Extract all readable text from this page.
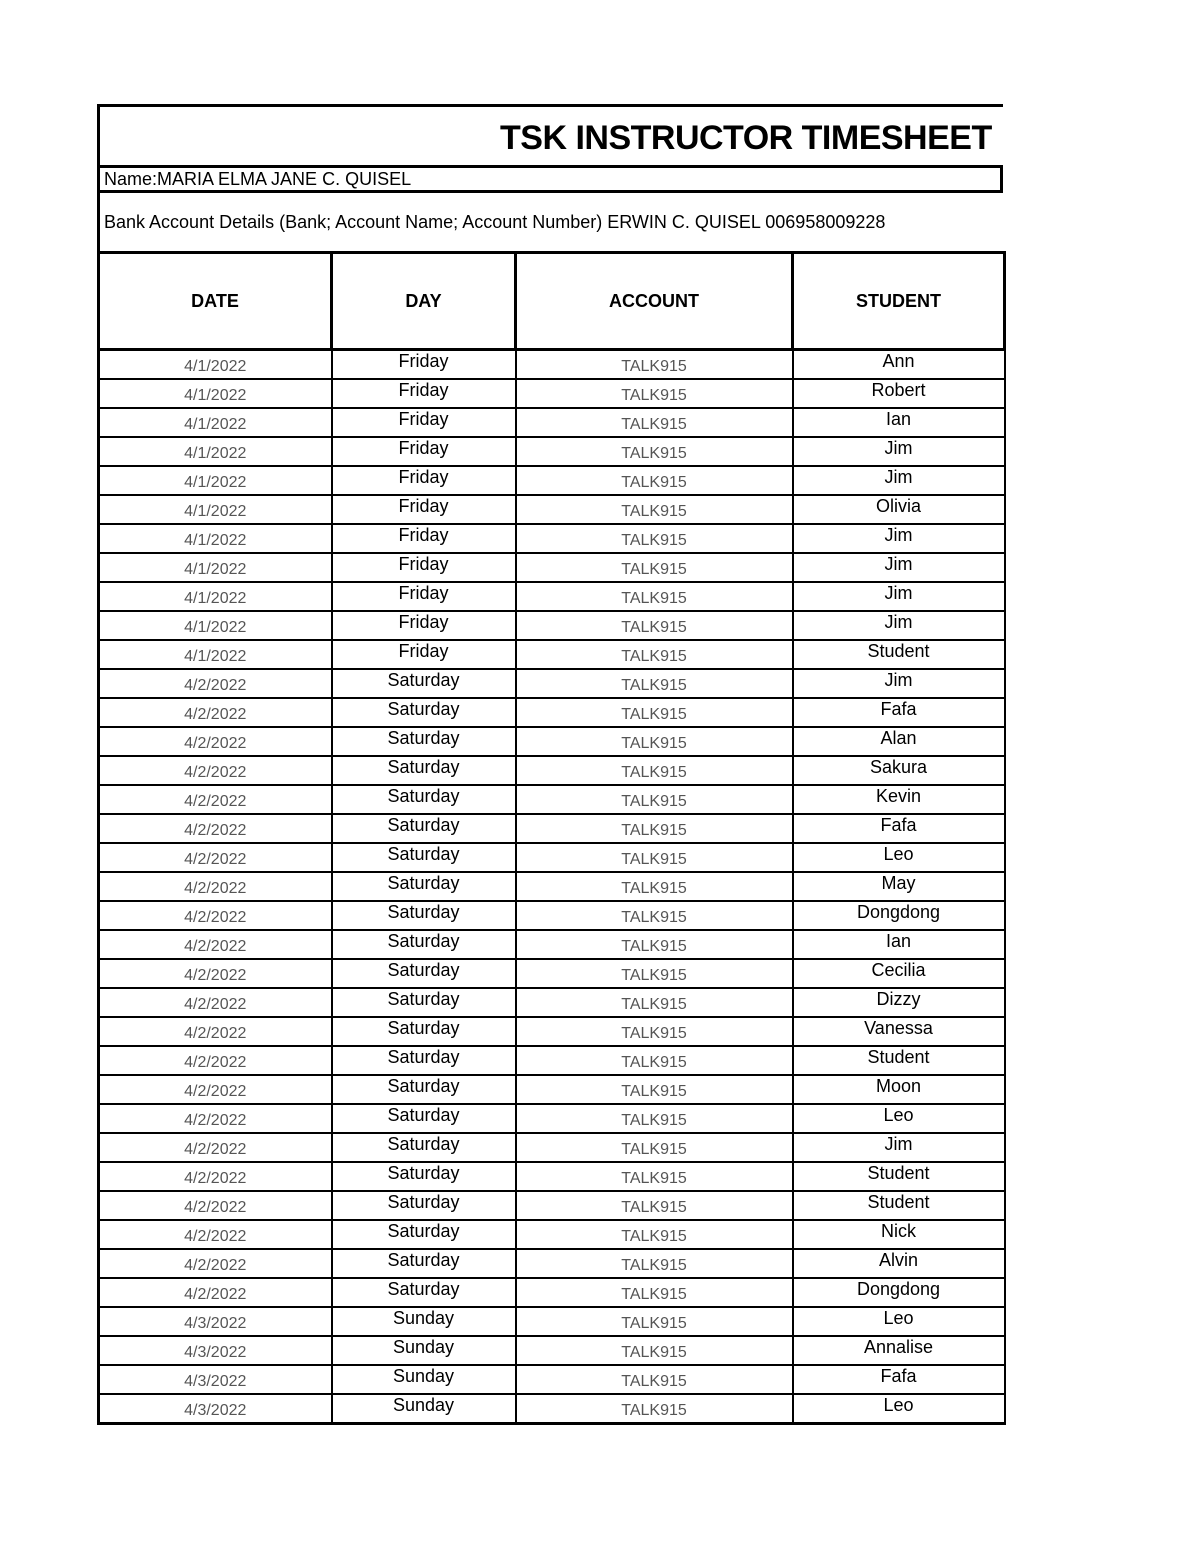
TSK INSTRUCTOR TIMESHEET
Name:MARIA ELMA JANE C. QUISEL
Bank Account Details (Bank; Account Name; Account Number) ERWIN C. QUISEL 006958009228
DATE	DAY	ACCOUNT	STUDENT
4/1/2022	Friday	TALK915	Ann
4/1/2022	Friday	TALK915	Robert
4/1/2022	Friday	TALK915	Ian
4/1/2022	Friday	TALK915	Jim
4/1/2022	Friday	TALK915	Jim
4/1/2022	Friday	TALK915	Olivia
4/1/2022	Friday	TALK915	Jim
4/1/2022	Friday	TALK915	Jim
4/1/2022	Friday	TALK915	Jim
4/1/2022	Friday	TALK915	Jim
4/1/2022	Friday	TALK915	Student
4/2/2022	Saturday	TALK915	Jim
4/2/2022	Saturday	TALK915	Fafa
4/2/2022	Saturday	TALK915	Alan
4/2/2022	Saturday	TALK915	Sakura
4/2/2022	Saturday	TALK915	Kevin
4/2/2022	Saturday	TALK915	Fafa
4/2/2022	Saturday	TALK915	Leo
4/2/2022	Saturday	TALK915	May
4/2/2022	Saturday	TALK915	Dongdong
4/2/2022	Saturday	TALK915	Ian
4/2/2022	Saturday	TALK915	Cecilia
4/2/2022	Saturday	TALK915	Dizzy
4/2/2022	Saturday	TALK915	Vanessa
4/2/2022	Saturday	TALK915	Student
4/2/2022	Saturday	TALK915	Moon
4/2/2022	Saturday	TALK915	Leo
4/2/2022	Saturday	TALK915	Jim
4/2/2022	Saturday	TALK915	Student
4/2/2022	Saturday	TALK915	Student
4/2/2022	Saturday	TALK915	Nick
4/2/2022	Saturday	TALK915	Alvin
4/2/2022	Saturday	TALK915	Dongdong
4/3/2022	Sunday	TALK915	Leo
4/3/2022	Sunday	TALK915	Annalise
4/3/2022	Sunday	TALK915	Fafa
4/3/2022	Sunday	TALK915	Leo
